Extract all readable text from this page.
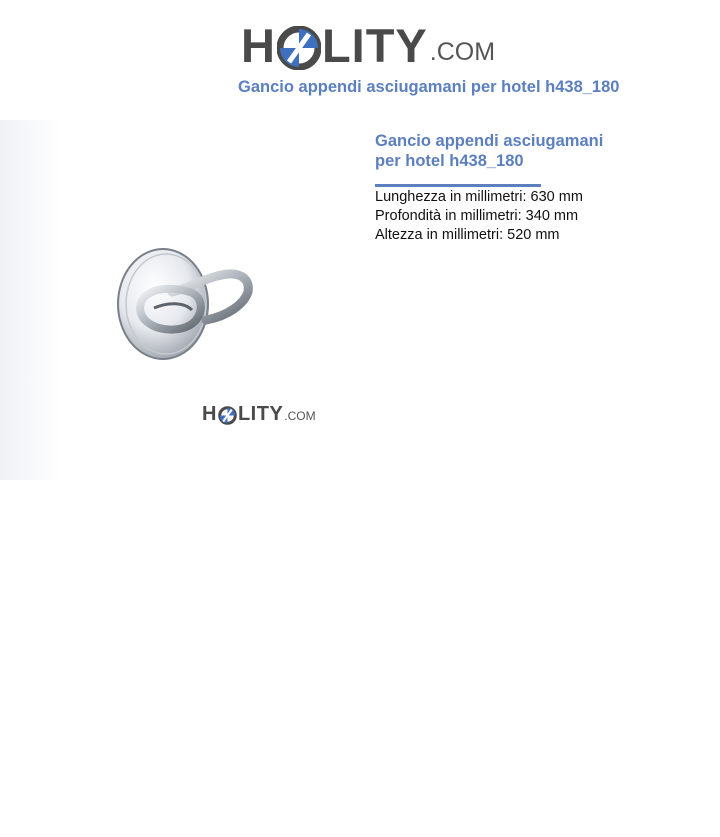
H LITY .COM
Gancio appendi asciugamani per hotel h438_180
H LITY .COM
Gancio appendi asciugamani per hotel h438_180
Lunghezza in millimetri: 630 mm
Profondità in millimetri: 340 mm
Altezza in millimetri: 520 mm
